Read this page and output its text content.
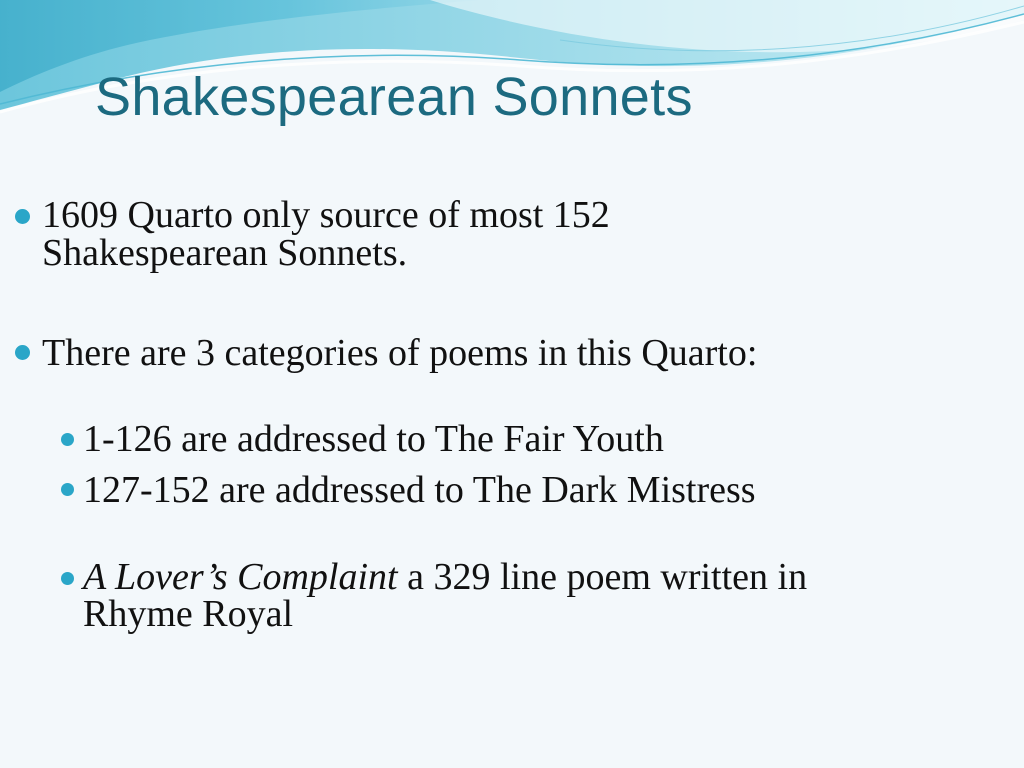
Shakespearean Sonnets
1609 Quarto only source of most 152 Shakespearean Sonnets.
There are 3 categories of poems in this Quarto:
1-126 are addressed to The Fair Youth
127-152 are addressed to The Dark Mistress
A Lover’s Complaint a 329 line poem written in Rhyme Royal
